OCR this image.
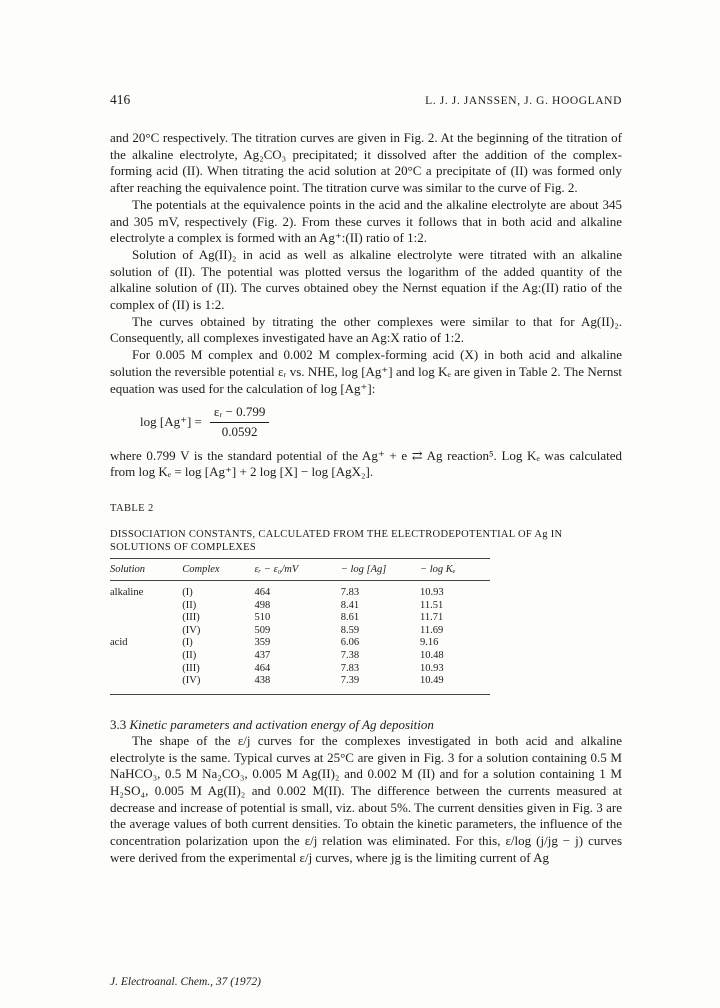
416	L. J. J. JANSSEN, J. G. HOOGLAND

and 20°C respectively. The titration curves are given in Fig. 2. At the beginning of the titration of the alkaline electrolyte, Ag₂CO₃ precipitated; it dissolved after the addition of the complex-forming acid (II). When titrating the acid solution at 20°C a precipitate of (II) was formed only after reaching the equivalence point. The titration curve was similar to the curve of Fig. 2.

The potentials at the equivalence points in the acid and the alkaline electrolyte are about 345 and 305 mV, respectively (Fig. 2). From these curves it follows that in both acid and alkaline electrolyte a complex is formed with an Ag⁺:(II) ratio of 1:2.

Solution of Ag(II)₂ in acid as well as alkaline electrolyte were titrated with an alkaline solution of (II). The potential was plotted versus the logarithm of the added quantity of the alkaline solution of (II). The curves obtained obey the Nernst equation if the Ag:(II) ratio of the complex of (II) is 1:2.

The curves obtained by titrating the other complexes were similar to that for Ag(II)₂. Consequently, all complexes investigated have an Ag:X ratio of 1:2.

For 0.005 M complex and 0.002 M complex-forming acid (X) in both acid and alkaline solution the reversible potential εᵣ vs. NHE, log [Ag⁺] and log Kₑ are given in Table 2. The Nernst equation was used for the calculation of log [Ag⁺]:

$\log [Ag^+] = \frac{\text{εᵣ − 0.799}}{0.0592}$

where 0.799 V is the standard potential of the Ag⁺ + e ⇄ Ag reaction⁵. Log Kₑ was calculated from log Kₑ = log [Ag⁺] + 2 log [X] − log [AgX₂].

TABLE 2
DISSOCIATION CONSTANTS, CALCULATED FROM THE ELECTRODEPOTENTIAL OF Ag IN SOLUTIONS OF COMPLEXES
Solution	Complex	εᵣ − ε₀/mV	− log [Ag]	− log Kₑ
alkaline	(I)	464	7.83	10.93
	(II)	498	8.41	11.51
	(III)	510	8.61	11.71
	(IV)	509	8.59	11.69
acid	(I)	359	6.06	9.16
	(II)	437	7.38	10.48
	(III)	464	7.83	10.93
	(IV)	438	7.39	10.49
3.3 Kinetic parameters and activation energy of Ag deposition

The shape of the ε/j curves for the complexes investigated in both acid and alkaline electrolyte is the same. Typical curves at 25°C are given in Fig. 3 for a solution containing 0.5 M NaHCO₃, 0.5 M Na₂CO₃, 0.005 M Ag(II)₂ and 0.002 M (II) and for a solution containing 1 M H₂SO₄, 0.005 M Ag(II)₂ and 0.002 M(II). The difference between the currents measured at decrease and increase of potential is small, viz. about 5%. The current densities given in Fig. 3 are the average values of both current densities. To obtain the kinetic parameters, the influence of the concentration polarization upon the ε/j relation was eliminated. For this, ε/log (j/jg − j) curves were derived from the experimental ε/j curves, where jg is the limiting current of Ag

J. Electroanal. Chem., 37 (1972)
